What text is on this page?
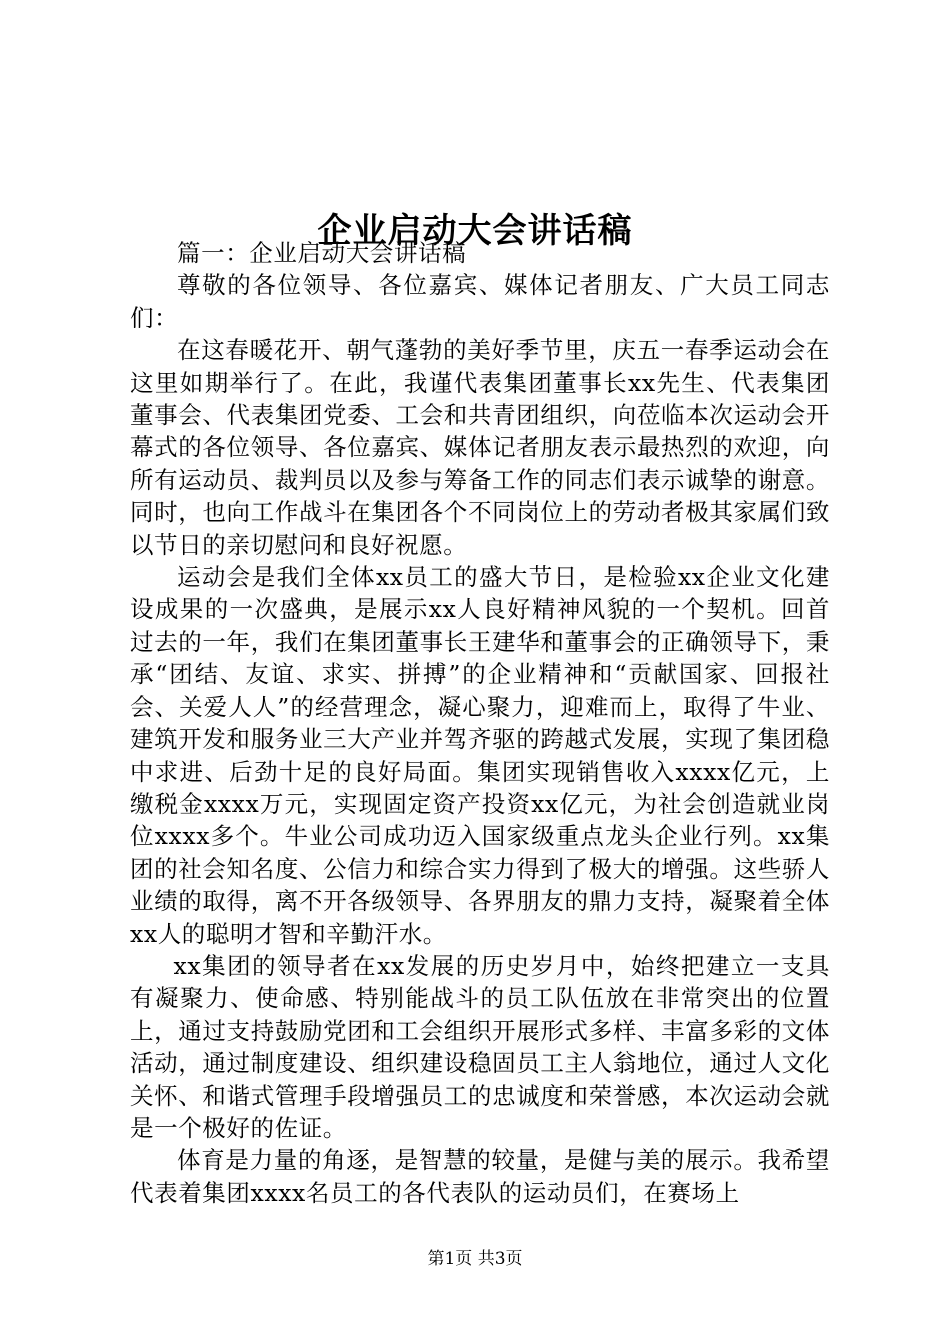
企业启动大会讲话稿

篇一：企业启动大会讲话稿

尊敬的各位领导、各位嘉宾、媒体记者朋友、广大员工同志们：

在这春暖花开、朝气蓬勃的美好季节里，庆五一春季运动会在这里如期举行了。在此，我谨代表集团董事长xx先生、代表集团董事会、代表集团党委、工会和共青团组织，向莅临本次运动会开幕式的各位领导、各位嘉宾、媒体记者朋友表示最热烈的欢迎，向所有运动员、裁判员以及参与筹备工作的同志们表示诚挚的谢意。同时，也向工作战斗在集团各个不同岗位上的劳动者极其家属们致以节日的亲切慰问和良好祝愿。

运动会是我们全体xx员工的盛大节日，是检验xx企业文化建设成果的一次盛典，是展示xx人良好精神风貌的一个契机。回首过去的一年，我们在集团董事长王建华和董事会的正确领导下，秉承“团结、友谊、求实、拼搏”的企业精神和“贡献国家、回报社会、关爱人人”的经营理念，凝心聚力，迎难而上，取得了牛业、建筑开发和服务业三大产业并驾齐驱的跨越式发展，实现了集团稳中求进、后劲十足的良好局面。集团实现销售收入xxxx亿元，上缴税金xxxx万元，实现固定资产投资xx亿元，为社会创造就业岗位xxxx多个。牛业公司成功迈入国家级重点龙头企业行列。xx集团的社会知名度、公信力和综合实力得到了极大的增强。这些骄人业绩的取得，离不开各级领导、各界朋友的鼎力支持，凝聚着全体xx人的聪明才智和辛勤汗水。

xx集团的领导者在xx发展的历史岁月中，始终把建立一支具有凝聚力、使命感、特别能战斗的员工队伍放在非常突出的位置上，通过支持鼓励党团和工会组织开展形式多样、丰富多彩的文体活动，通过制度建设、组织建设稳固员工主人翁地位，通过人文化关怀、和谐式管理手段增强员工的忠诚度和荣誉感，本次运动会就是一个极好的佐证。

体育是力量的角逐，是智慧的较量，是健与美的展示。我希望代表着集团xxxx名员工的各代表队的运动员们，在赛场上

第1页 共3页
